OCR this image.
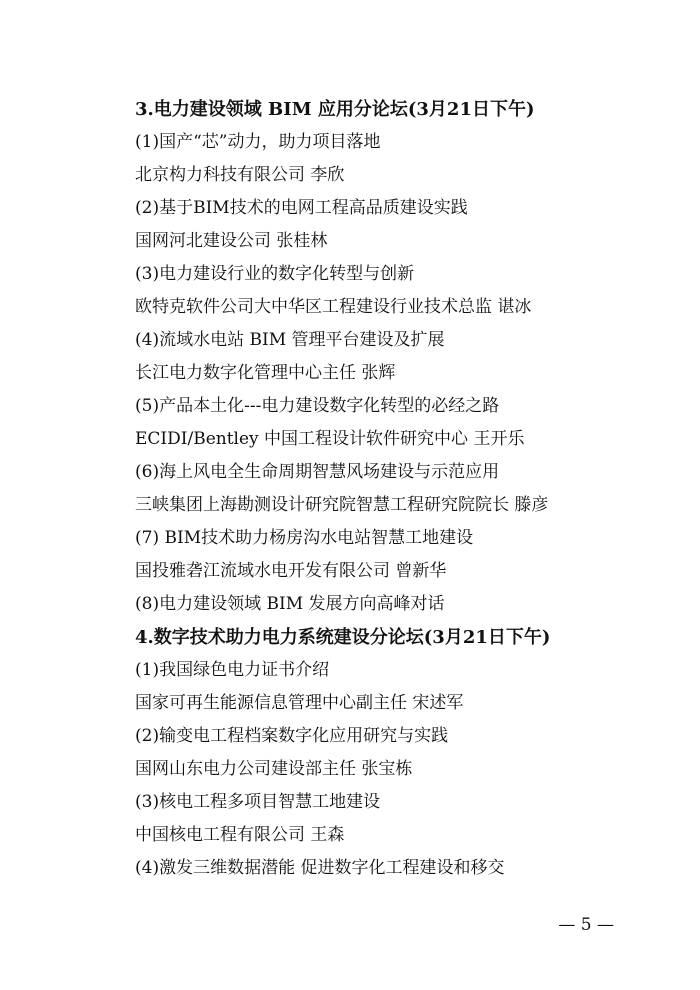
3.电力建设领域 BIM 应用分论坛(3月21日下午)
(1)国产“芯”动力，助力项目落地
北京构力科技有限公司 李欣
(2)基于BIM技术的电网工程高品质建设实践
国网河北建设公司 张桂林
(3)电力建设行业的数字化转型与创新
欧特克软件公司大中华区工程建设行业技术总监 谌冰
(4)流域水电站 BIM 管理平台建设及扩展
长江电力数字化管理中心主任 张辉
(5)产品本土化---电力建设数字化转型的必经之路
ECIDI/Bentley 中国工程设计软件研究中心 王开乐
(6)海上风电全生命周期智慧风场建设与示范应用
三峡集团上海勘测设计研究院智慧工程研究院院长 滕彦
(7) BIM技术助力杨房沟水电站智慧工地建设
国投雅砻江流域水电开发有限公司 曾新华
(8)电力建设领域 BIM 发展方向高峰对话
4.数字技术助力电力系统建设分论坛(3月21日下午)
(1)我国绿色电力证书介绍
国家可再生能源信息管理中心副主任 宋述军
(2)输变电工程档案数字化应用研究与实践
国网山东电力公司建设部主任 张宝栋
(3)核电工程多项目智慧工地建设
中国核电工程有限公司 王森
(4)激发三维数据潜能 促进数字化工程建设和移交
— 5 —
